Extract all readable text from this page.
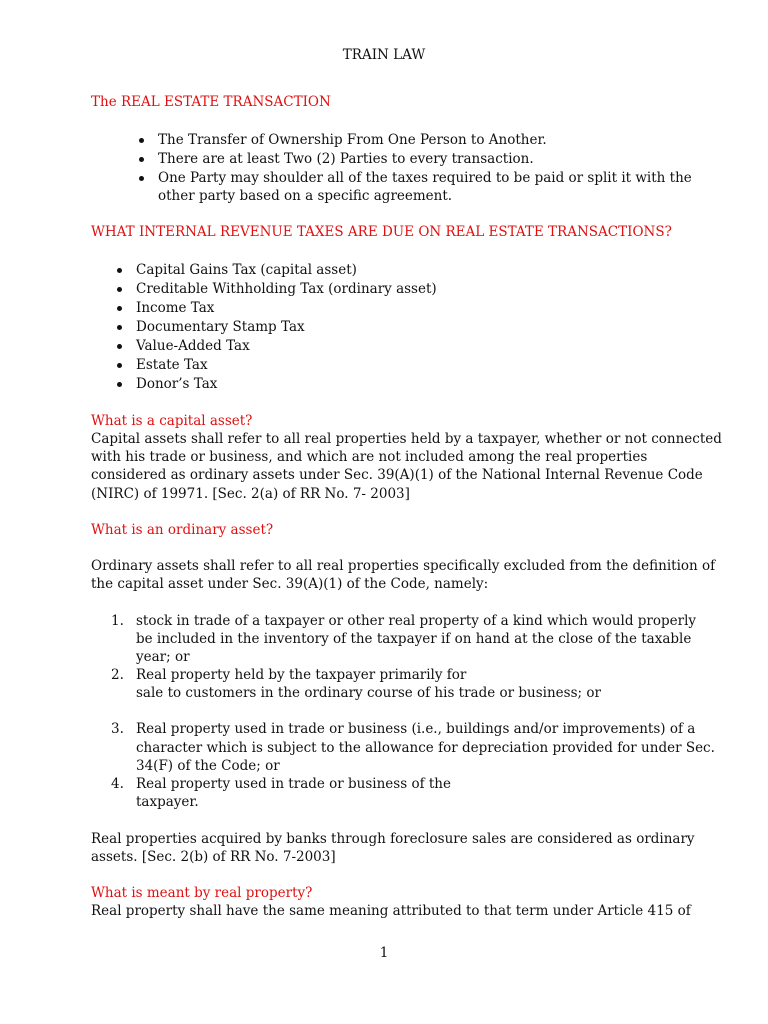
TRAIN LAW
The REAL ESTATE TRANSACTION
The Transfer of Ownership From One Person to Another.
There are at least Two (2) Parties to every transaction.
One Party may shoulder all of the taxes required to be paid or split it with the
other party based on a specific agreement.
WHAT INTERNAL REVENUE TAXES ARE DUE ON REAL ESTATE TRANSACTIONS?
Capital Gains Tax (capital asset)
Creditable Withholding Tax (ordinary asset)
Income Tax
Documentary Stamp Tax
Value-Added Tax
Estate Tax
Donor’s Tax
What is a capital asset?
Capital assets shall refer to all real properties held by a taxpayer, whether or not connected
with his trade or business, and which are not included among the real properties
considered as ordinary assets under Sec. 39(A)(1) of the National Internal Revenue Code
(NIRC) of 19971. [Sec. 2(a) of RR No. 7- 2003]
What is an ordinary asset?
Ordinary assets shall refer to all real properties specifically excluded from the definition of
the capital asset under Sec. 39(A)(1) of the Code, namely:
1. stock in trade of a taxpayer or other real property of a kind which would properly
be included in the inventory of the taxpayer if on hand at the close of the taxable
year; or
2. Real property held by the taxpayer primarily for
sale to customers in the ordinary course of his trade or business; or
3. Real property used in trade or business (i.e., buildings and/or improvements) of a
character which is subject to the allowance for depreciation provided for under Sec.
34(F) of the Code; or
4. Real property used in trade or business of the
taxpayer.
Real properties acquired by banks through foreclosure sales are considered as ordinary
assets. [Sec. 2(b) of RR No. 7-2003]
What is meant by real property?
Real property shall have the same meaning attributed to that term under Article 415 of
1
